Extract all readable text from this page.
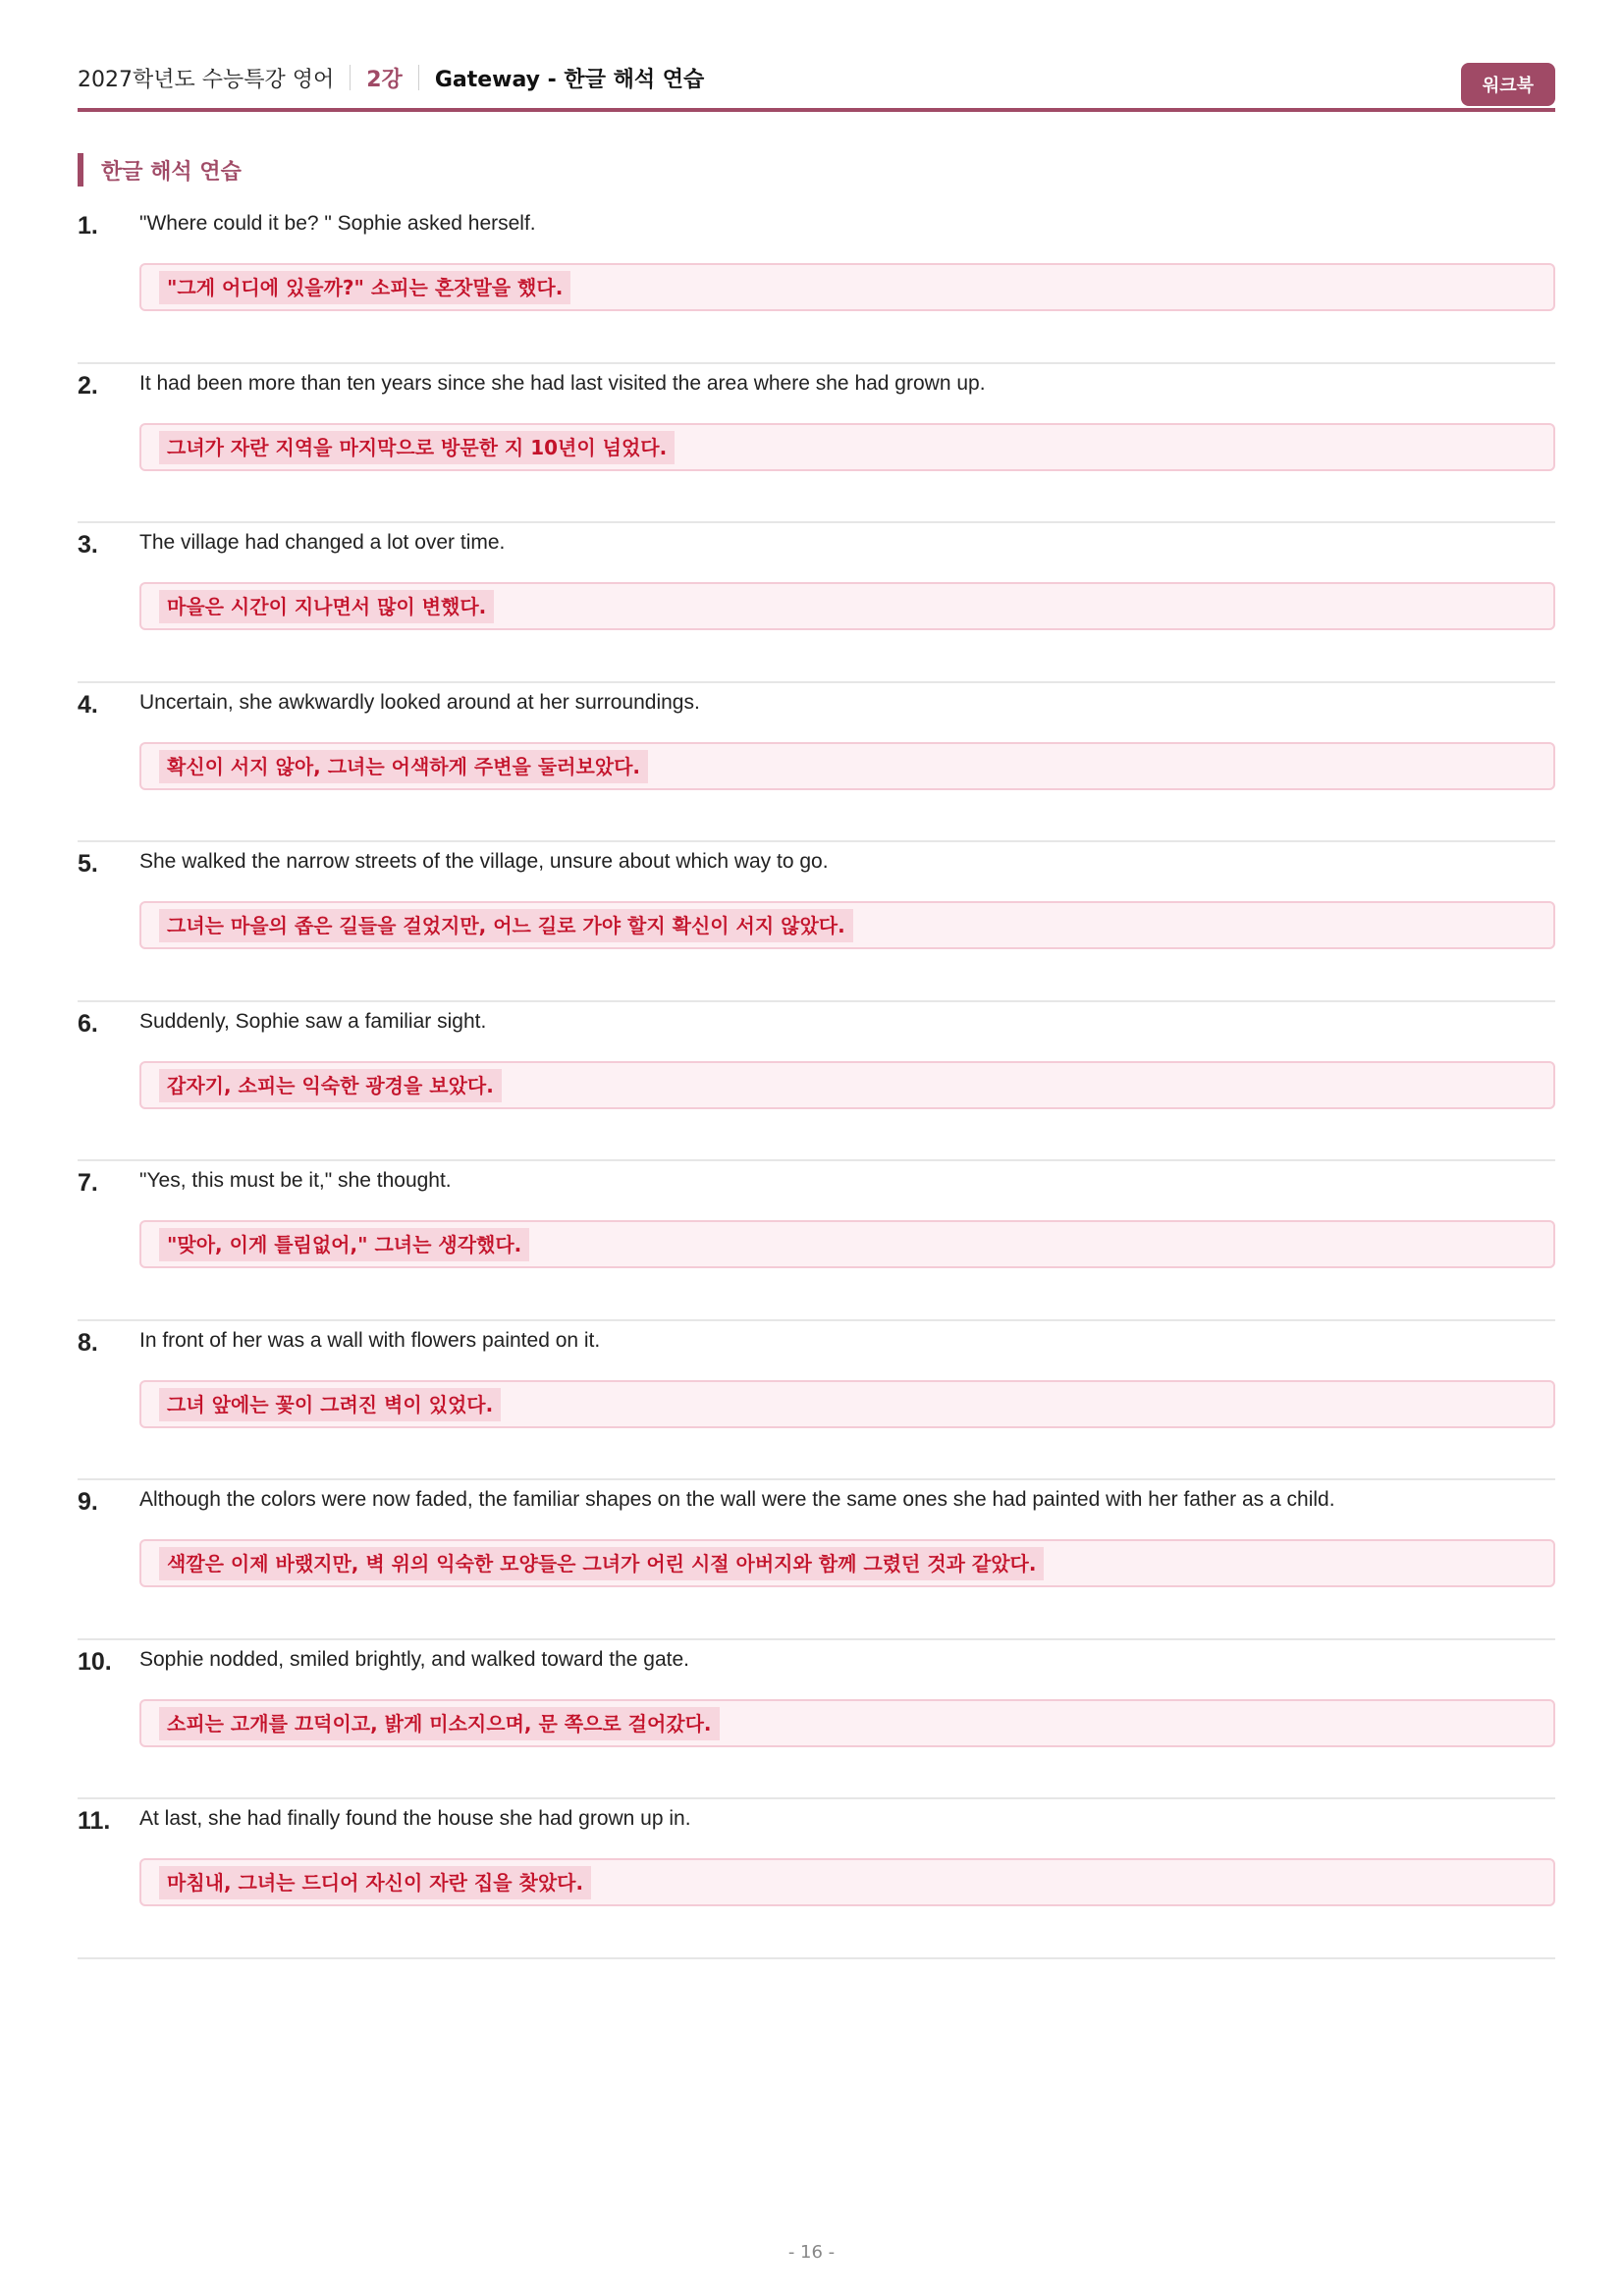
2027학년도 수능특강 영어 2강 Gateway - 한글 해석 연습	워크북
한글 해석 연습
1. "Where could it be? " Sophie asked herself.
"그게 어디에 있을까?" 소피는 혼잣말을 했다.
2. It had been more than ten years since she had last visited the area where she had grown up.
그녀가 자란 지역을 마지막으로 방문한 지 10년이 넘었다.
3. The village had changed a lot over time.
마을은 시간이 지나면서 많이 변했다.
4. Uncertain, she awkwardly looked around at her surroundings.
확신이 서지 않아, 그녀는 어색하게 주변을 둘러보았다.
5. She walked the narrow streets of the village, unsure about which way to go.
그녀는 마을의 좁은 길들을 걸었지만, 어느 길로 가야 할지 확신이 서지 않았다.
6. Suddenly, Sophie saw a familiar sight.
갑자기, 소피는 익숙한 광경을 보았다.
7. "Yes, this must be it," she thought.
"맞아, 이게 틀림없어," 그녀는 생각했다.
8. In front of her was a wall with flowers painted on it.
그녀 앞에는 꽃이 그려진 벽이 있었다.
9. Although the colors were now faded, the familiar shapes on the wall were the same ones she had painted with her father as a child.
색깔은 이제 바랬지만, 벽 위의 익숙한 모양들은 그녀가 어린 시절 아버지와 함께 그렸던 것과 같았다.
10. Sophie nodded, smiled brightly, and walked toward the gate.
소피는 고개를 끄덕이고, 밝게 미소지으며, 문 쪽으로 걸어갔다.
11. At last, she had finally found the house she had grown up in.
마침내, 그녀는 드디어 자신이 자란 집을 찾았다.
- 16 -
